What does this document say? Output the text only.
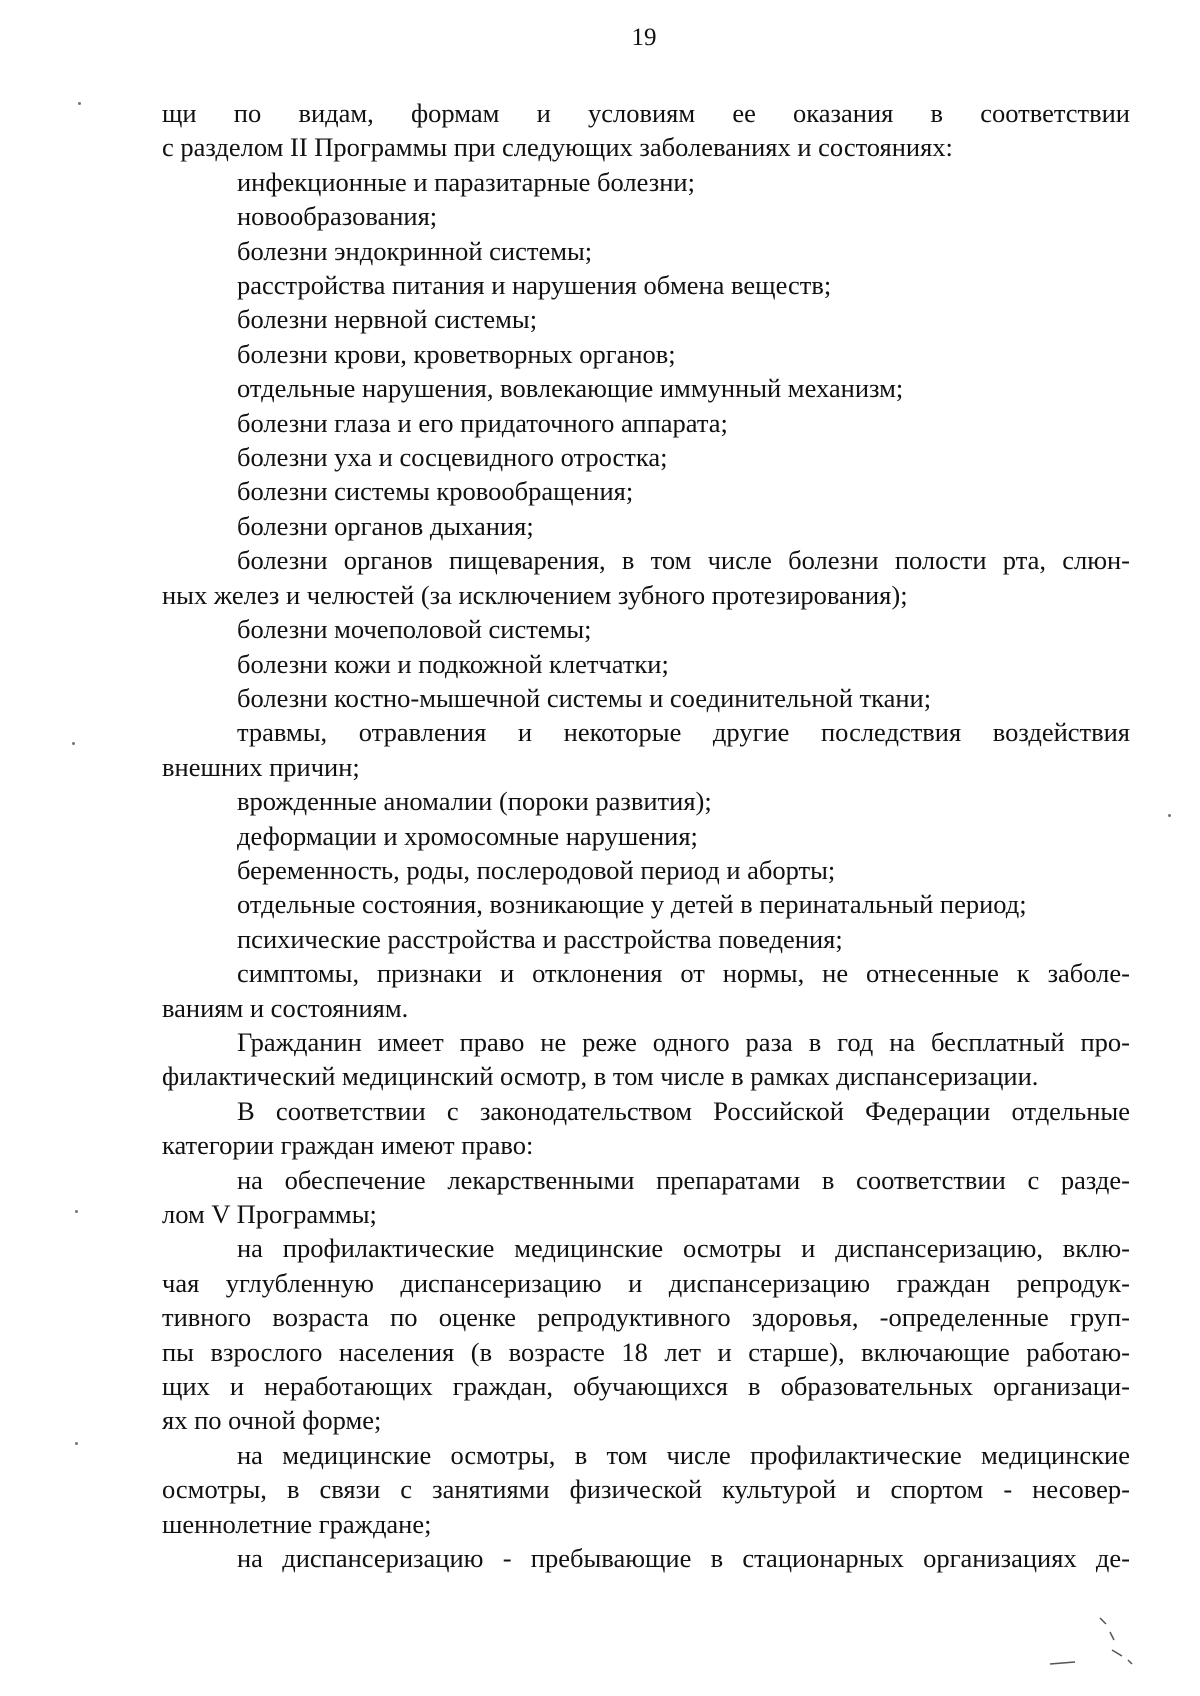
19
щи по видам, формам и условиям ее оказания в соответствии
с разделом II Программы при следующих заболеваниях и состояниях:
инфекционные и паразитарные болезни;
новообразования;
болезни эндокринной системы;
расстройства питания и нарушения обмена веществ;
болезни нервной системы;
болезни крови, кроветворных органов;
отдельные нарушения, вовлекающие иммунный механизм;
болезни глаза и его придаточного аппарата;
болезни уха и сосцевидного отростка;
болезни системы кровообращения;
болезни органов дыхания;
болезни органов пищеварения, в том числе болезни полости рта, слюн-
ных желез и челюстей (за исключением зубного протезирования);
болезни мочеполовой системы;
болезни кожи и подкожной клетчатки;
болезни костно-мышечной системы и соединительной ткани;
травмы, отравления и некоторые другие последствия воздействия
внешних причин;
врожденные аномалии (пороки развития);
деформации и хромосомные нарушения;
беременность, роды, послеродовой период и аборты;
отдельные состояния, возникающие у детей в перинатальный период;
психические расстройства и расстройства поведения;
симптомы, признаки и отклонения от нормы, не отнесенные к заболе-
ваниям и состояниям.
Гражданин имеет право не реже одного раза в год на бесплатный про-
филактический медицинский осмотр, в том числе в рамках диспансеризации.
В соответствии с законодательством Российской Федерации отдельные
категории граждан имеют право:
на обеспечение лекарственными препаратами в соответствии с разде-
лом V Программы;
на профилактические медицинские осмотры и диспансеризацию, вклю-
чая углубленную диспансеризацию и диспансеризацию граждан репродук-
тивного возраста по оценке репродуктивного здоровья, -определенные груп-
пы взрослого населения (в возрасте 18 лет и старше), включающие работаю-
щих и неработающих граждан, обучающихся в образовательных организаци-
ях по очной форме;
на медицинские осмотры, в том числе профилактические медицинские
осмотры, в связи с занятиями физической культурой и спортом - несовер-
шеннолетние граждане;
на диспансеризацию - пребывающие в стационарных организациях де-
